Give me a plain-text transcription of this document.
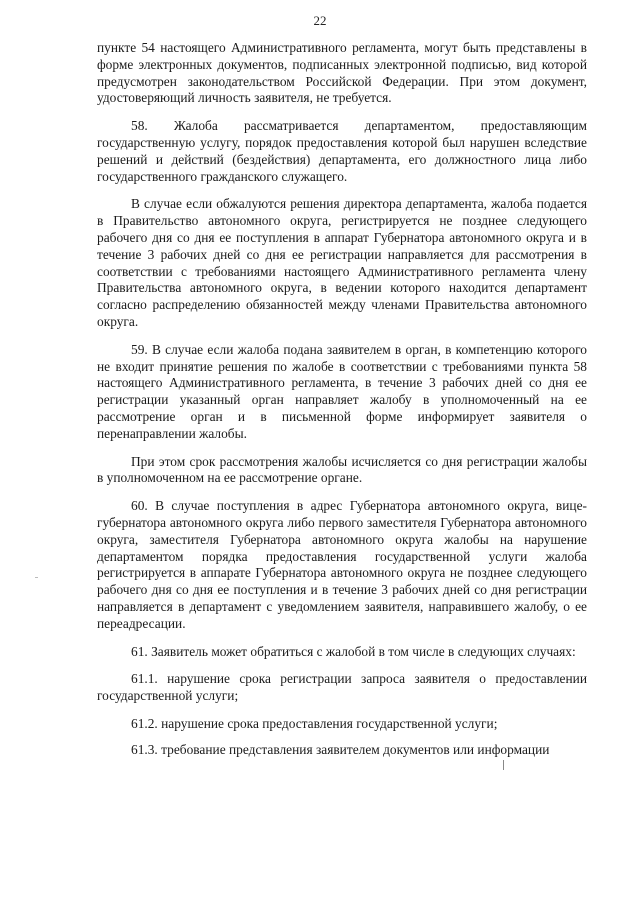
22

пункте 54 настоящего Административного регламента, могут быть представлены в форме электронных документов, подписанных электронной подписью, вид которой предусмотрен законодательством Российской Федерации. При этом документ, удостоверяющий личность заявителя, не требуется.

58. Жалоба рассматривается департаментом, предоставляющим государственную услугу, порядок предоставления которой был нарушен вследствие решений и действий (бездействия) департамента, его должностного лица либо государственного гражданского служащего.

В случае если обжалуются решения директора департамента, жалоба подается в Правительство автономного округа, регистрируется не позднее следующего рабочего дня со дня ее поступления в аппарат Губернатора автономного округа и в течение 3 рабочих дней со дня ее регистрации направляется для рассмотрения в соответствии с требованиями настоящего Административного регламента члену Правительства автономного округа, в ведении которого находится департамент согласно распределению обязанностей между членами Правительства автономного округа.

59. В случае если жалоба подана заявителем в орган, в компетенцию которого не входит принятие решения по жалобе в соответствии с требованиями пункта 58 настоящего Административного регламента, в течение 3 рабочих дней со дня ее регистрации указанный орган направляет жалобу в уполномоченный на ее рассмотрение орган и в письменной форме информирует заявителя о перенаправлении жалобы.

При этом срок рассмотрения жалобы исчисляется со дня регистрации жалобы в уполномоченном на ее рассмотрение органе.

60. В случае поступления в адрес Губернатора автономного округа, вице-губернатора автономного округа либо первого заместителя Губернатора автономного округа, заместителя Губернатора автономного округа жалобы на нарушение департаментом порядка предоставления государственной услуги жалоба регистрируется в аппарате Губернатора автономного округа не позднее следующего рабочего дня со дня ее поступления и в течение 3 рабочих дней со дня регистрации направляется в департамент с уведомлением заявителя, направившего жалобу, о ее переадресации.

61. Заявитель может обратиться с жалобой в том числе в следующих случаях:

61.1. нарушение срока регистрации запроса заявителя о предоставлении государственной услуги;

61.2. нарушение срока предоставления государственной услуги;

61.3. требование представления заявителем документов или информации
